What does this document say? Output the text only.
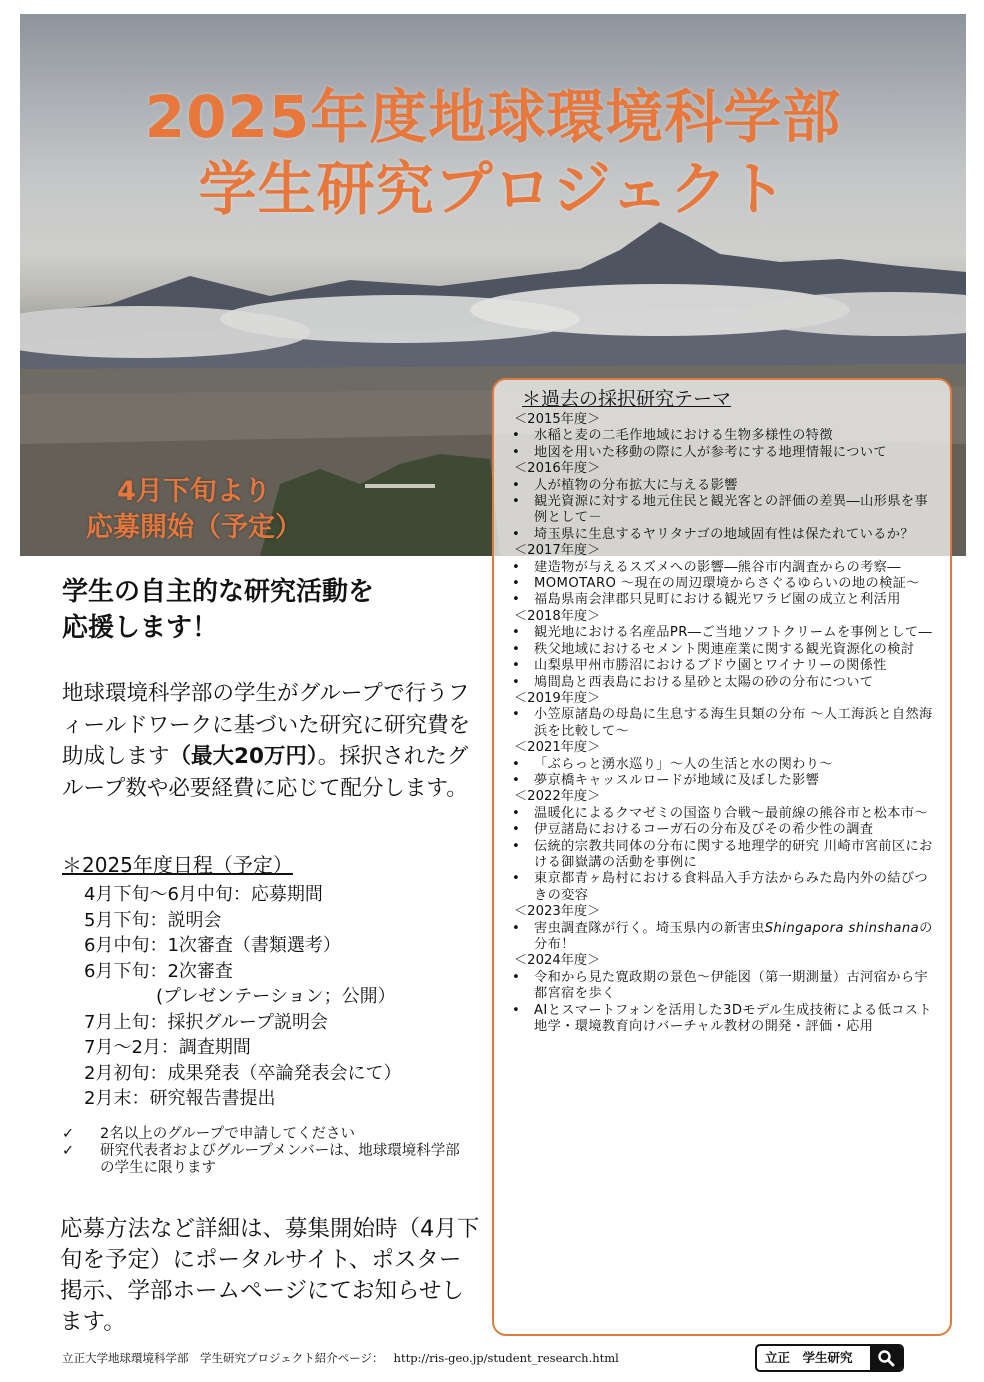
2025年度地球環境科学部
学生研究プロジェクト
4月下旬より
応募開始（予定）
＊過去の採択研究テーマ
＜2015年度＞
• 水稲と麦の二毛作地域における生物多様性の特徴
• 地図を用いた移動の際に人が参考にする地理情報について
＜2016年度＞
• 人が植物の分布拡大に与える影響
• 観光資源に対する地元住民と観光客との評価の差異―山形県を事例として－
• 埼玉県に生息するヤリタナゴの地域固有性は保たれているか？
＜2017年度＞
• 建造物が与えるスズメへの影響―熊谷市内調査からの考察―
• MOMOTARO 〜現在の周辺環境からさぐるゆらいの地の検証〜
• 福島県南会津郡只見町における観光ワラビ園の成立と利活用
＜2018年度＞
• 観光地における名産品PR―ご当地ソフトクリームを事例として―
• 秩父地域におけるセメント関連産業に関する観光資源化の検討
• 山梨県甲州市勝沼におけるブドウ園とワイナリーの関係性
• 鳩間島と西表島における星砂と太陽の砂の分布について
＜2019年度＞
• 小笠原諸島の母島に生息する海生貝類の分布 〜人工海浜と自然海浜を比較して〜
＜2021年度＞
• 「ぶらっと湧水巡り」〜人の生活と水の関わり〜
• 夢京橋キャッスルロードが地域に及ぼした影響
＜2022年度＞
• 温暖化によるクマゼミの国盗り合戦〜最前線の熊谷市と松本市〜
• 伊豆諸島におけるコーガ石の分布及びその希少性の調査
• 伝統的宗教共同体の分布に関する地理学的研究 川崎市宮前区における御嶽講の活動を事例に
• 東京都青ヶ島村における食料品入手方法からみた島内外の結びつきの変容
＜2023年度＞
• 害虫調査隊が行く。埼玉県内の新害虫Shingapora shinshanaの分布！
＜2024年度＞
• 令和から見た寛政期の景色〜伊能図（第一期測量）古河宿から宇都宮宿を歩く
• AIとスマートフォンを活用した3Dモデル生成技術による低コスト地学・環境教育向けバーチャル教材の開発・評価・応用
学生の自主的な研究活動を
応援します！
地球環境科学部の学生がグループで行うフィールドワークに基づいた研究に研究費を助成します（最大20万円）。採択されたグループ数や必要経費に応じて配分します。
＊2025年度日程（予定）
4月下旬〜6月中旬：応募期間
5月下旬：説明会
6月中旬：1次審査（書類選考）
6月下旬：2次審査
(プレゼンテーション；公開）
7月上旬：採択グループ説明会
7月〜2月：調査期間
2月初旬：成果発表（卒論発表会にて）
2月末：研究報告書提出
✓ 2名以上のグループで申請してください
✓ 研究代表者およびグループメンバーは、地球環境科学部の学生に限ります
応募方法など詳細は、募集開始時（4月下旬を予定）にポータルサイト、ポスター掲示、学部ホームページにてお知らせします。
立正大学地球環境科学部　学生研究プロジェクト紹介ページ： http://ris-geo.jp/student_research.html	立正　学生研究
